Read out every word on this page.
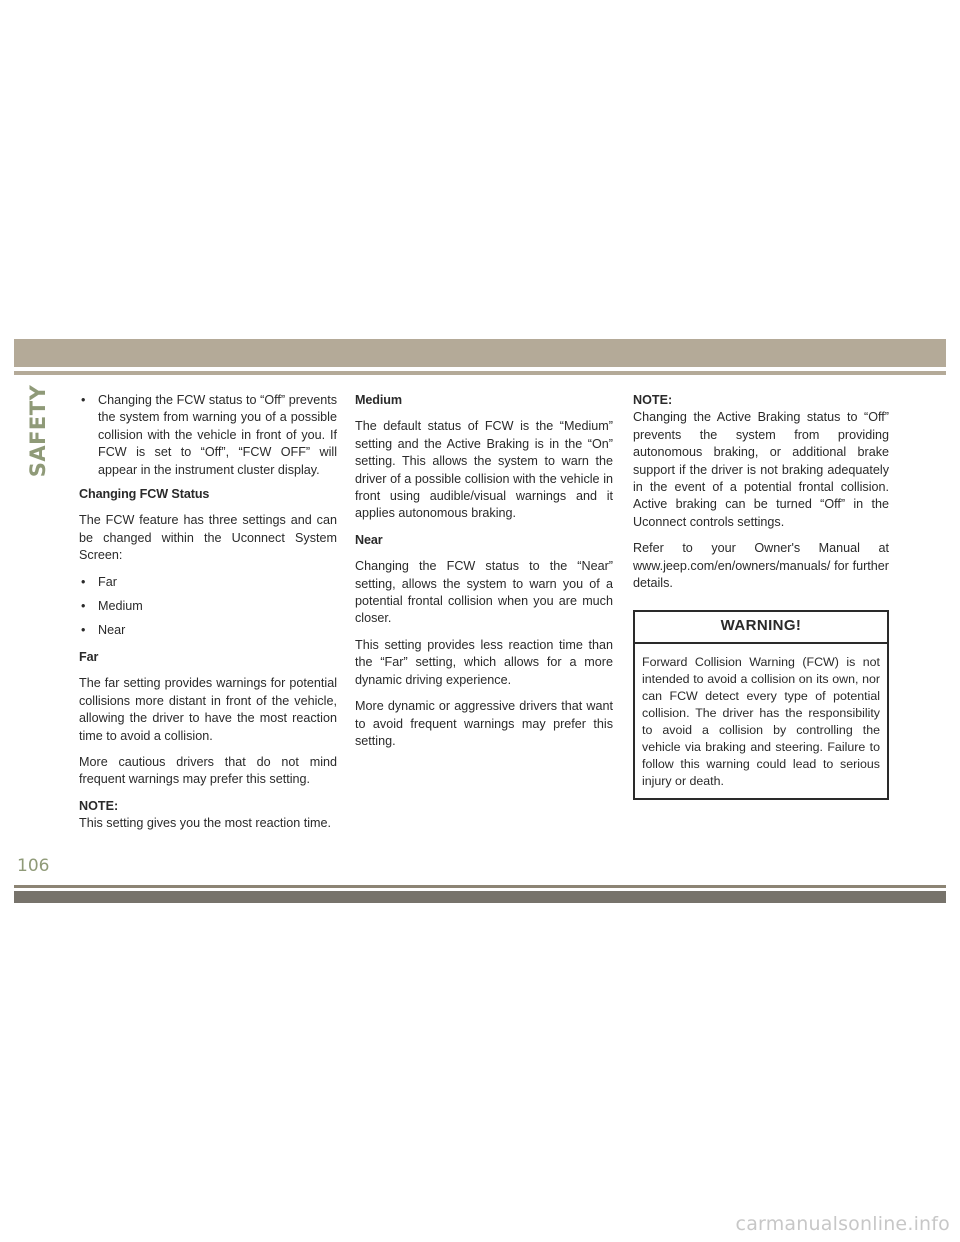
SAFETY • Changing the FCW status to “Off” prevents the system from warning you of a possible collision with the vehicle in front of you. If FCW is set to “Off”, “FCW OFF” will appear in the instrument cluster display.

Changing FCW Status

The FCW feature has three settings and can be changed within the Uconnect System Screen:

• Far
• Medium
• Near

Far

The far setting provides warnings for potential collisions more distant in front of the vehicle, allowing the driver to have the most reaction time to avoid a collision.

More cautious drivers that do not mind frequent warnings may prefer this setting.

NOTE:

This setting gives you the most reaction time.

Medium

The default status of FCW is the “Medium” setting and the Active Braking is in the “On” setting. This allows the system to warn the driver of a possible collision with the vehicle in front using audible/visual warnings and it applies autonomous braking.

Near

Changing the FCW status to the “Near” setting, allows the system to warn you of a potential frontal collision when you are much closer.

This setting provides less reaction time than the “Far” setting, which allows for a more dynamic driving experience.

More dynamic or aggressive drivers that want to avoid frequent warnings may prefer this setting.

NOTE:

Changing the Active Braking status to “Off” prevents the system from providing autonomous braking, or additional brake support if the driver is not braking adequately in the event of a potential frontal collision. Active braking can be turned “Off” in the Uconnect controls settings.

Refer to your Owner's Manual at www.jeep.com/en/owners/manuals/ for further details.

WARNING!

Forward Collision Warning (FCW) is not intended to avoid a collision on its own, nor can FCW detect every type of potential collision. The driver has the responsibility to avoid a collision by controlling the vehicle via braking and steering. Failure to follow this warning could lead to serious injury or death.

106
carmanualsonline.info
